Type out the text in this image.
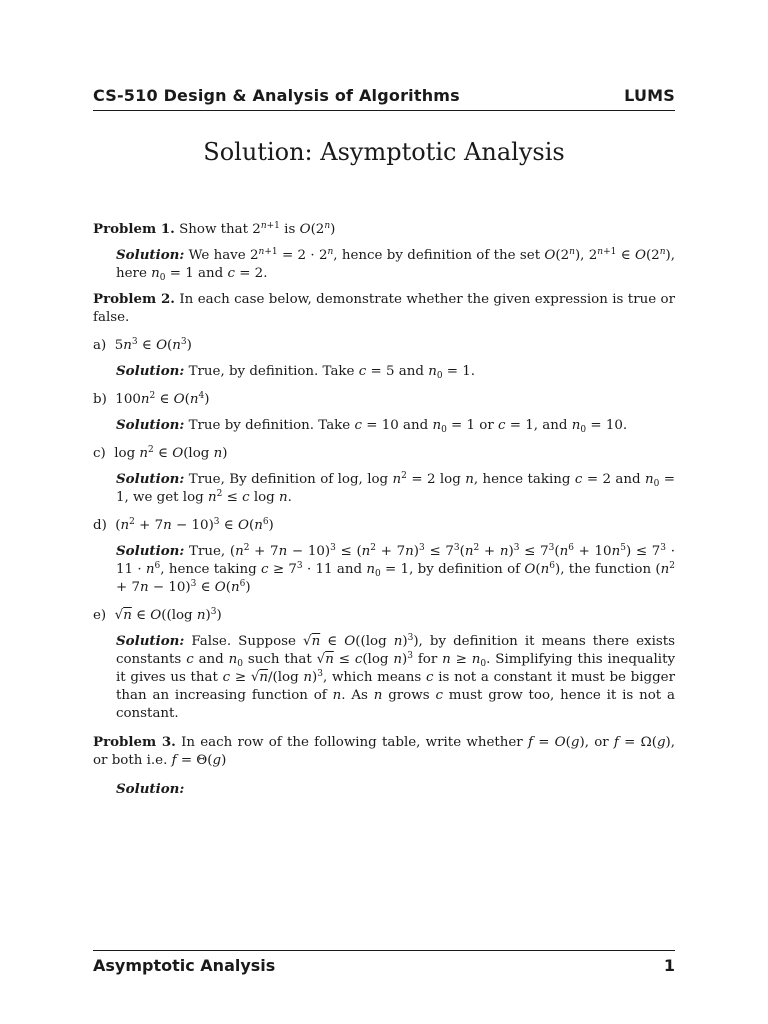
CS-510 Design & Analysis of Algorithms	LUMS
Solution: Asymptotic Analysis

Problem 1. Show that $2^{n+1}$ is O(2$^n$)

Solution: We have $2^{n+1} = 2 \cdot 2^n$, hence by definition of the set O(2$^n$), $2^{n+1}$ ∈ O(2$^n$), here $n_0 = 1$ and c = 2.

Problem 2. In each case below, demonstrate whether the given expression is true or false.

a)  $5n^3$ ∈ $O(n^3)$

Solution: True, by definition. Take c = 5 and $n_0 = 1$.

b)  $100n^2$ ∈ $O(n^4)$

Solution: True by definition. Take c = 10 and $n_0 = 1$ or c = 1, and $n_0 = 10$.

c)  $\log n^2$ ∈ O(log n)

Solution: True, By definition of log, $\log n^2 = 2$ log n, hence taking c = 2 and $n_0 = 1$, we get $\log n^2 \le c$ log n.

d)  $(n^2 + 7n - 10)^3$ ∈ $O(n^6)$

Solution: True, $(n^2 + 7n - 10)^3 \le (n^2 + 7n)^3 \le 7^3(n^2 + n)^3 \le 7^3(n^6 + 10n^5) \le 7^3 \cdot 11 \cdot n^6$, hence taking $c \ge 7^3 \cdot 11$ and $n_0 = 1$, by definition of $O(n^6)$, the function $(n^2 + 7n - 10)^3$ ∈ $O(n^6)$

e)  √n ∈ O((log n)$^3$)

Solution: False. Suppose √n ∈ O((log n)$^3$), by definition it means there exists constants c and $n_0$ such that √n ≤ c(log n)$^3$ for $n \ge n_0$. Simplifying this inequality it gives us that c ≥ √n/(log n)$^3$, which means c is not a constant it must be bigger than an increasing function of n. As n grows c must grow too, hence it is not a constant.

Problem 3. In each row of the following table, write whether f = O(g), or f = Ω(g), or both i.e. f = Θ(g)

Solution:

Asymptotic Analysis	1
